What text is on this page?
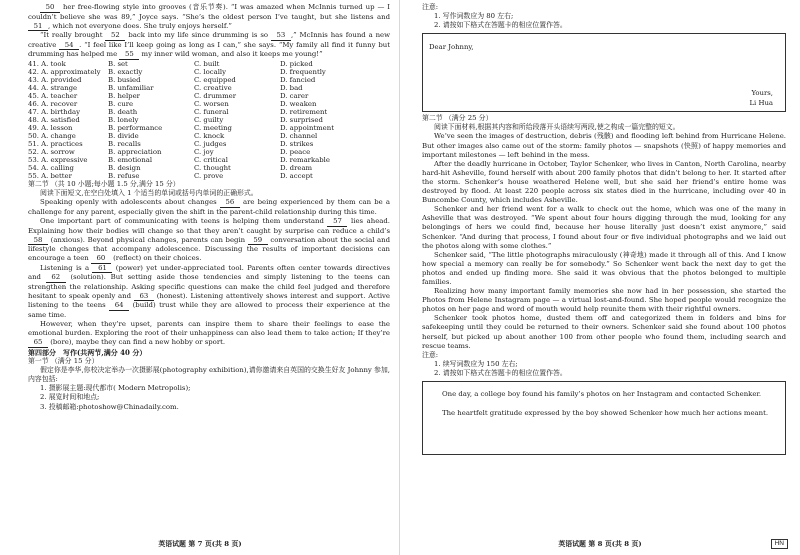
50 her free-flowing style into grooves (音乐节奏). “I was amazed when McInnis turned up — I couldn’t believe she was 89,” Joyce says. “She’s the oldest person I’ve taught, but she listens and 51 , which not everyone does. She truly enjoys herself.”

“It really brought 52 back into my life since drumming is so 53 ,” McInnis has found a new creative 54 . “I feel like I’ll keep going as long as I can,” she says. “My family all find it funny but drumming has helped me 55 my inner wild woman, and also it keeps me young!”

41. A. took	B. set	C. built	D. picked
42. A. approximately	B. exactly	C. locally	D. frequently
43. A. provided	B. busied	C. equipped	D. fancied
44. A. strange	B. unfamiliar	C. creative	D. bad
45. A. teacher	B. helper	C. drummer	D. carer
46. A. recover	B. cure	C. worsen	D. weaken
47. A. birthday	B. death	C. funeral	D. retirement
48. A. satisfied	B. lonely	C. guilty	D. surprised
49. A. lesson	B. performance	C. meeting	D. appointment
50. A. change	B. divide	C. knock	D. channel
51. A. practices	B. recalls	C. judges	D. strikes
52. A. sorrow	B. appreciation	C. joy	D. peace
53. A. expressive	B. emotional	C. critical	D. remarkable
54. A. calling	B. design	C. thought	D. dream
55. A. better	B. refuse	C. prove	D. accept

第二节 （共 10 小题;每小题 1.5 分,满分 15 分）

阅读下面短文,在空白处填入 1 个适当的单词或括号内单词的正确形式。

Speaking openly with adolescents about changes 56 are being experienced by them can be a challenge for any parent, especially given the shift in the parent-child relationship during this time.

One important part of communicating with teens is helping them understand 57 lies ahead. Explaining how their bodies will change so that they aren’t caught by surprise can reduce a child’s 58 (anxious). Beyond physical changes, parents can begin 59 conversation about the social and lifestyle changes that accompany adolescence. Discussing the results of important decisions can encourage a teen 60 (reflect) on their choices.

Listening is a 61 (power) yet under-appreciated tool. Parents often center towards directives and 62 (solution). But setting aside those tendencies and simply listening to the teens can strengthen the relationship. Asking specific questions can make the child feel judged and therefore hesitant to speak openly and 63 (honest). Listening attentively shows interest and support. Active listening to the teens 64 (build) trust while they are allowed to process their experience at the same time.

However, when they’re upset, parents can inspire them to share their feelings to ease the emotional burden. Exploring the root of their unhappiness can also lead them to take action; If they’re 65 (bore), maybe they can find a new hobby or sport.

第四部分　写作(共两节,满分 40 分）

第一节 （满分 15 分）

假定你是李华,你校决定举办一次摄影展(photography exhibition),请你邀请来自英国的交换生好友 Johnny 参加,内容包括:

1. 摄影展主题:现代都市( Modern Metropolis);

2. 展览时间和地点;

3. 投稿邮箱:photoshow@Chinadaily.com.

英语试题 第 7 页(共 8 页)

注意:

1. 写作词数应为 80 左右;

2. 请按如下格式在答题卡的相应位置作答。

Dear Johnny,
Yours,
Li Hua

第二节 （满分 25 分）

阅读下面材料,根据其内容和所给段落开头语续写两段,使之构成一篇完整的短文。

We’ve seen the images of destruction, debris (残骸) and flooding left behind from Hurricane Helene. But other images also came out of the storm: family photos — snapshots (快照) of happy memories and important milestones — left behind in the mess.

After the deadly hurricane in October, Taylor Schenker, who lives in Canton, North Carolina, nearby hard-hit Asheville, found herself with about 200 family photos that didn’t belong to her. It started after the storm. Schenker’s house weathered Helene well, but she said her friend’s entire home was destroyed by flood. At least 220 people across six states died in the hurricane, including over 40 in Buncombe County, which includes Asheville.

Schenker and her friend went for a walk to check out the home, which was one of the many in Asheville that was destroyed. “We spent about four hours digging through the mud, looking for any belongings of hers we could find, because her house literally just doesn’t exist anymore,” said Schenker. “And during that process, I found about four or five individual photographs and we laid out the photos along with some clothes.”

Schenker said, “The little photographs miraculously (神奇地) made it through all of this. And I know how special a memory can really be for somebody.” So Schenker went back the next day to get the photos and ended up finding more. She said it was obvious that the photos belonged to multiple families.

Realizing how many important family memories she now had in her possession, she started the Photos from Helene Instagram page — a virtual lost-and-found. She hoped people would recognize the photos on her page and word of mouth would help reunite them with their rightful owners.

Schenker took photos home, dusted them off and categorized them in folders and bins for safekeeping until they could be returned to their owners. Schenker said she found about 100 photos herself, but picked up about another 100 from other people who found them, including search and rescue teams.

注意:

1. 续写词数应为 150 左右;

2. 请按如下格式在答题卡的相应位置作答。

One day, a college boy found his family’s photos on her Instagram and contacted Schenker.

The heartfelt gratitude expressed by the boy showed Schenker how much her actions meant.

英语试题 第 8 页(共 8 页)	HN
